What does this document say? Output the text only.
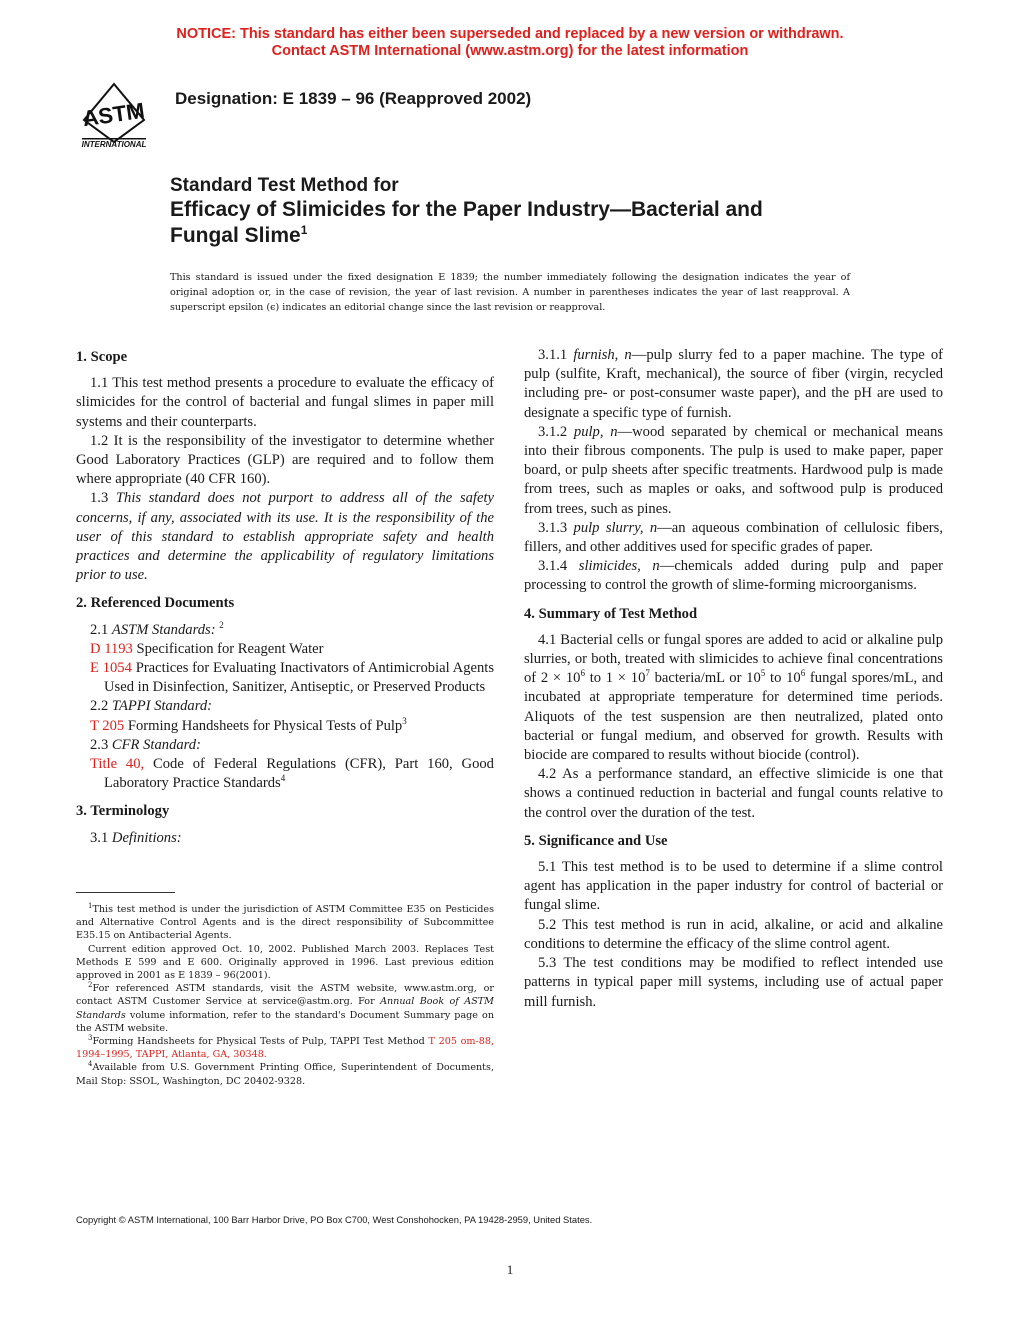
NOTICE: This standard has either been superseded and replaced by a new version or withdrawn.
Contact ASTM International (www.astm.org) for the latest information
ASTM
INTERNATIONAL
Designation: E 1839 – 96 (Reapproved 2002)
Standard Test Method for
Efficacy of Slimicides for the Paper Industry—Bacterial and
Fungal Slime$^1$
This standard is issued under the fixed designation E 1839; the number immediately following the designation indicates the year of original adoption or, in the case of revision, the year of last revision. A number in parentheses indicates the year of last reapproval. A superscript epsilon (ϵ) indicates an editorial change since the last revision or reapproval.
1. Scope

1.1 This test method presents a procedure to evaluate the efficacy of slimicides for the control of bacterial and fungal slimes in paper mill systems and their counterparts.

1.2 It is the responsibility of the investigator to determine whether Good Laboratory Practices (GLP) are required and to follow them where appropriate (40 CFR 160).

1.3 This standard does not purport to address all of the safety concerns, if any, associated with its use. It is the responsibility of the user of this standard to establish appropriate safety and health practices and determine the applicability of regulatory limitations prior to use.

2. Referenced Documents

2.1 ASTM Standards: $^2$

D 1193 Specification for Reagent Water

E 1054 Practices for Evaluating Inactivators of Antimicrobial Agents Used in Disinfection, Sanitizer, Antiseptic, or Preserved Products

2.2 TAPPI Standard:

T 205 Forming Handsheets for Physical Tests of Pulp$^3$

2.3 CFR Standard:

Title 40, Code of Federal Regulations (CFR), Part 160, Good Laboratory Practice Standards$^4$

3. Terminology

3.1 Definitions:

3.1.1 furnish, n—pulp slurry fed to a paper machine. The type of pulp (sulfite, Kraft, mechanical), the source of fiber (virgin, recycled including pre- or post-consumer waste paper), and the pH are used to designate a specific type of furnish.

3.1.2 pulp, n—wood separated by chemical or mechanical means into their fibrous components. The pulp is used to make paper, paper board, or pulp sheets after specific treatments. Hardwood pulp is made from trees, such as maples or oaks, and softwood pulp is produced from trees, such as pines.

3.1.3 pulp slurry, n—an aqueous combination of cellulosic fibers, fillers, and other additives used for specific grades of paper.

3.1.4 slimicides, n—chemicals added during pulp and paper processing to control the growth of slime-forming microorganisms.

4. Summary of Test Method

4.1 Bacterial cells or fungal spores are added to acid or alkaline pulp slurries, or both, treated with slimicides to achieve final concentrations of $2 \times 10^6$ to $1 \times 10^7$ bacteria/mL or $10^5$ to $10^6$ fungal spores/mL, and incubated at appropriate temperature for determined time periods. Aliquots of the test suspension are then neutralized, plated onto bacterial or fungal medium, and observed for growth. Results with biocide are compared to results without biocide (control).

4.2 As a performance standard, an effective slimicide is one that shows a continued reduction in bacterial and fungal counts relative to the control over the duration of the test.

5. Significance and Use

5.1 This test method is to be used to determine if a slime control agent has application in the paper industry for control of bacterial or fungal slime.

5.2 This test method is run in acid, alkaline, or acid and alkaline conditions to determine the efficacy of the slime control agent.

5.3 The test conditions may be modified to reflect intended use patterns in typical paper mill systems, including use of actual paper mill furnish.

$^1$This test method is under the jurisdiction of ASTM Committee E35 on Pesticides and Alternative Control Agents and is the direct responsibility of Subcommittee E35.15 on Antibacterial Agents.

Current edition approved Oct. 10, 2002. Published March 2003. Replaces Test Methods E 599 and E 600. Originally approved in 1996. Last previous edition approved in 2001 as E 1839 – 96(2001).

$^2$For referenced ASTM standards, visit the ASTM website, www.astm.org, or contact ASTM Customer Service at service@astm.org. For Annual Book of ASTM Standards volume information, refer to the standard's Document Summary page on the ASTM website.

$^3$Forming Handsheets for Physical Tests of Pulp, TAPPI Test Method T 205 om-88, 1994–1995, TAPPI, Atlanta, GA, 30348.

$^4$Available from U.S. Government Printing Office, Superintendent of Documents, Mail Stop: SSOL, Washington, DC 20402-9328.

Copyright © ASTM International, 100 Barr Harbor Drive, PO Box C700, West Conshohocken, PA 19428-2959, United States.
1
